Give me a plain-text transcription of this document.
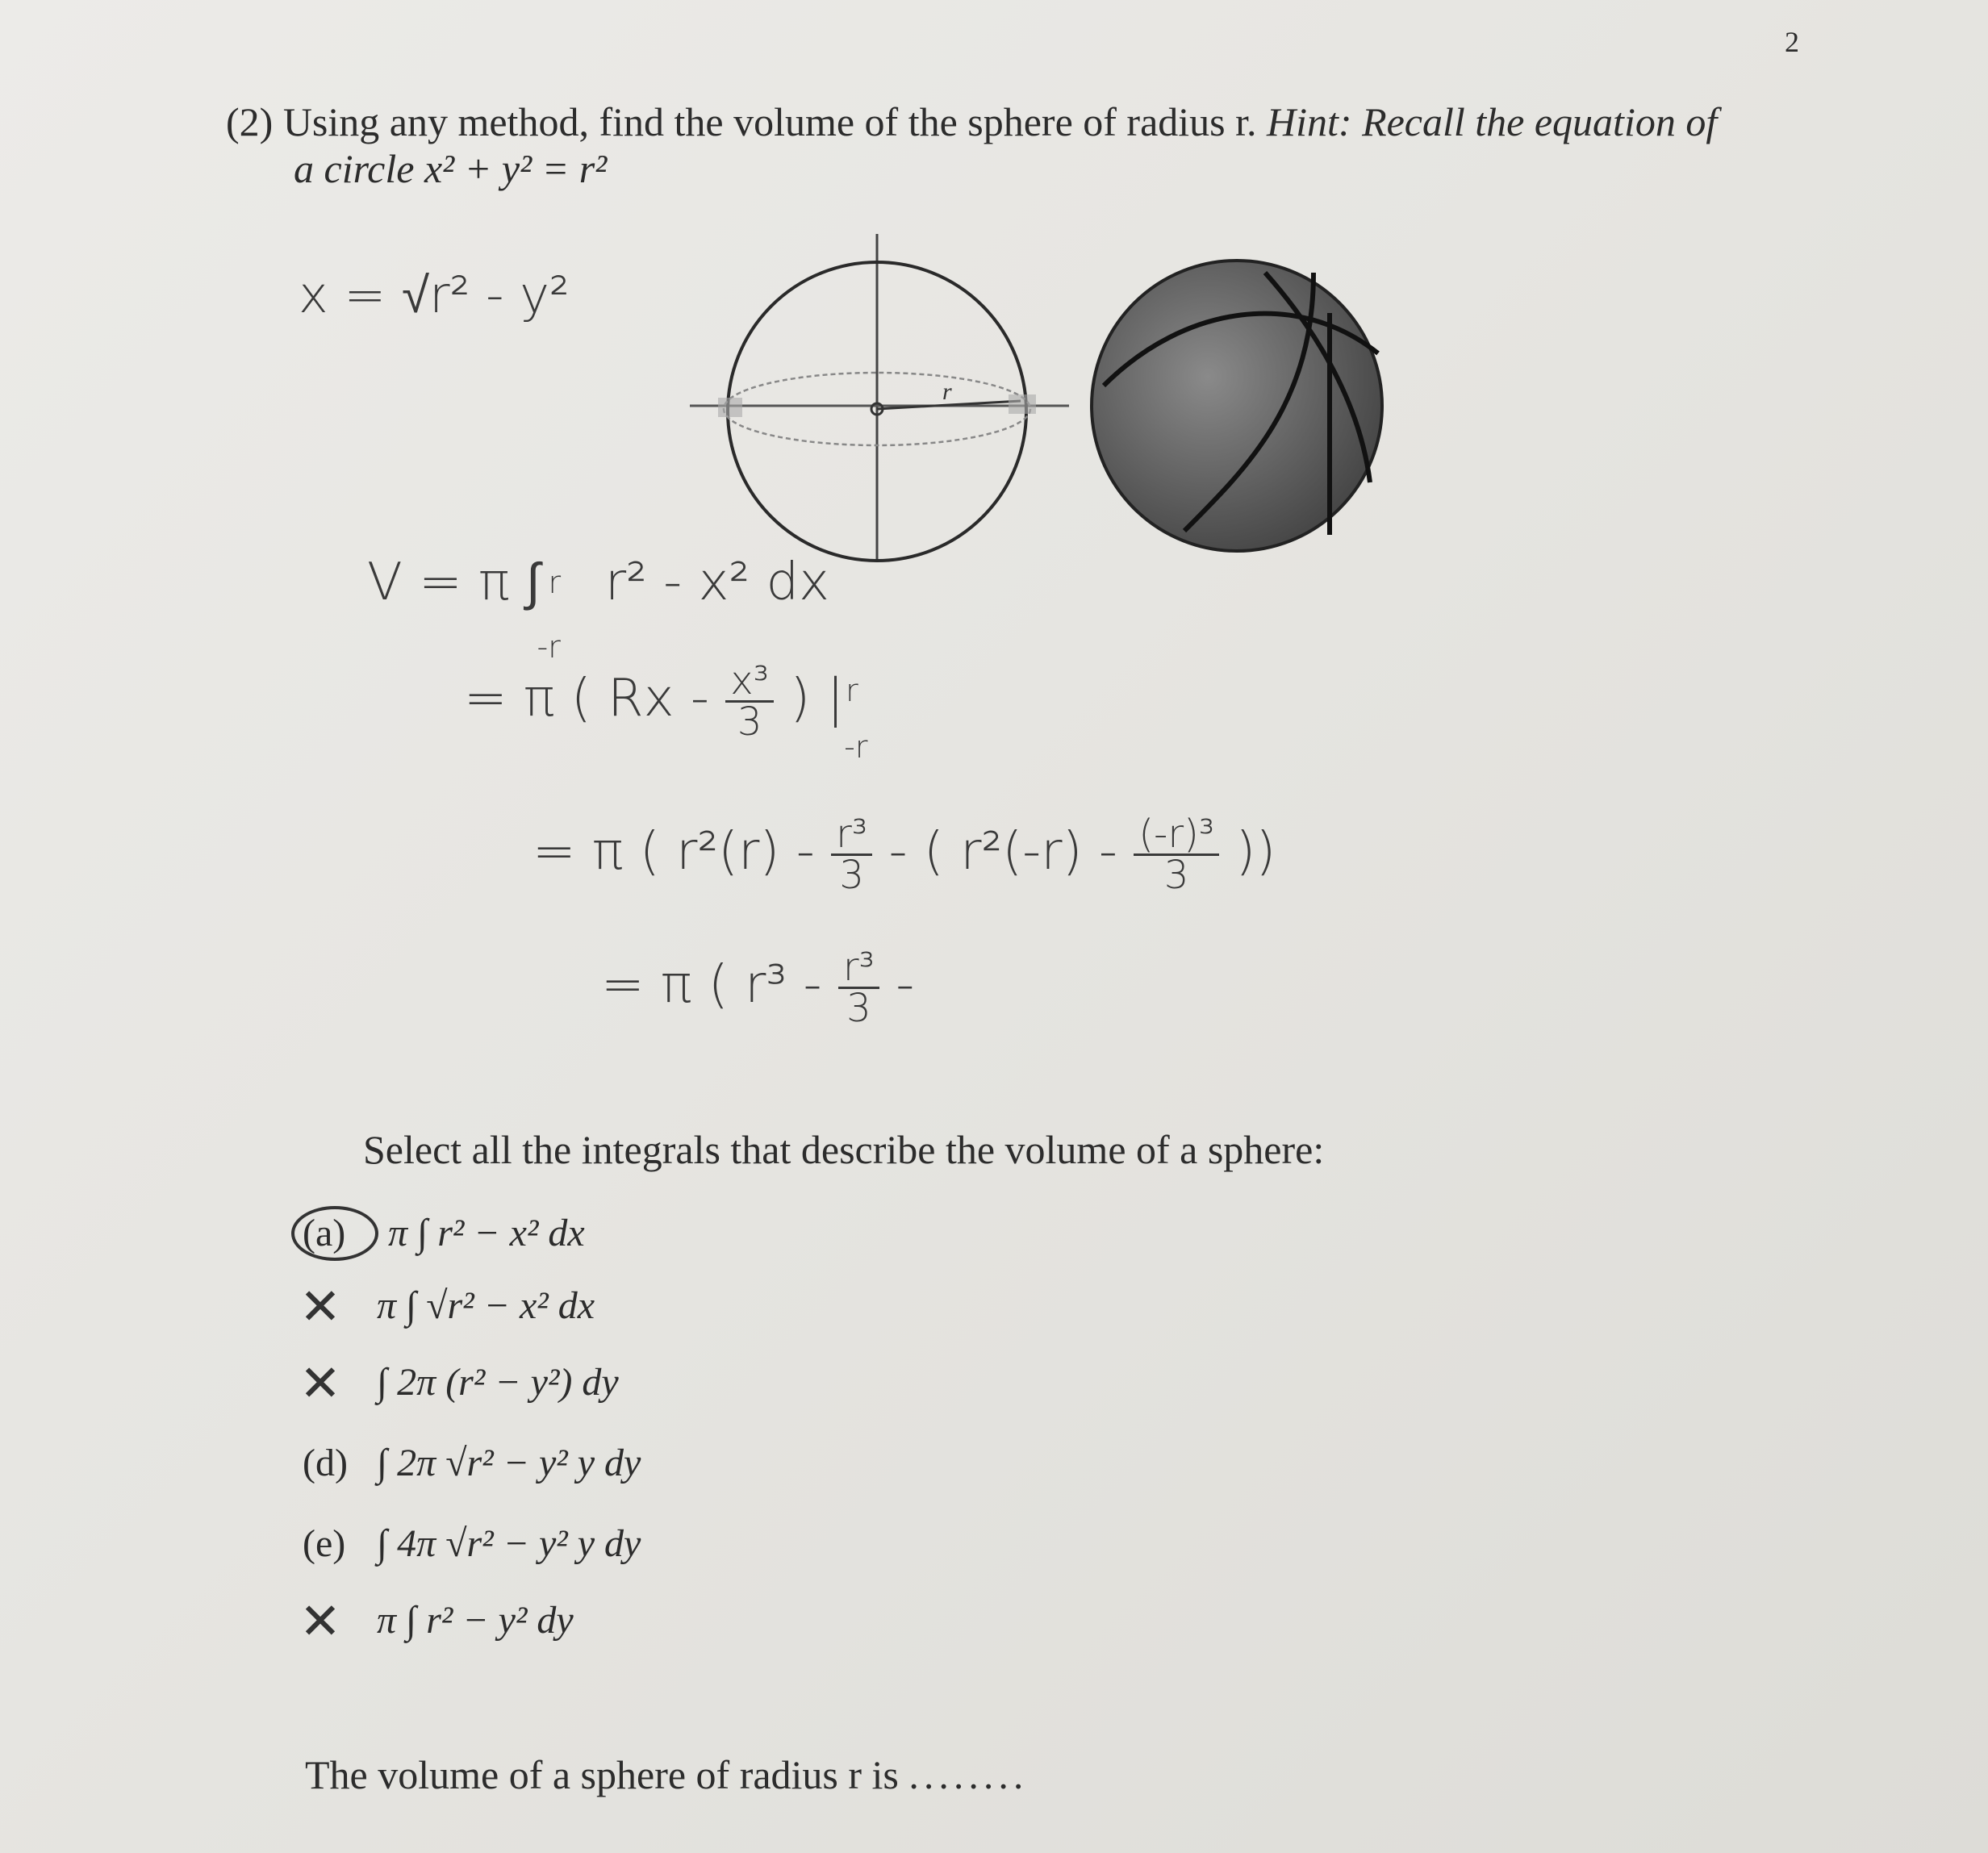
2
(2) Using any method, find the volume of the sphere of radius r. Hint: Recall the equation of
a circle x² + y² = r²
x = √r² - y²
r
V = π ∫ r
-r
r² - x² dx
= π ( Rx - $\frac{\text{x³}}{3}$ ) | r
-r
= π ( $r^2(r) - \frac{\text{r³}}{3}$ - ( $r^2(-r) - \frac{\text{(-r)³}}{3}$ ))
= π ( $r^3 - \frac{\text{r³}}{3}$ -
Select all the integrals that describe the volume of a sphere:
(a) π ∫ r² − x² dx
✕ π ∫ √r² − x² dx
✕ ∫ 2π (r² − y²) dy
(d) ∫ 2π √r² − y² y dy
(e) ∫ 4π √r² − y² y dy
✕ π ∫ r² − y² dy
The volume of a sphere of radius r is ........
